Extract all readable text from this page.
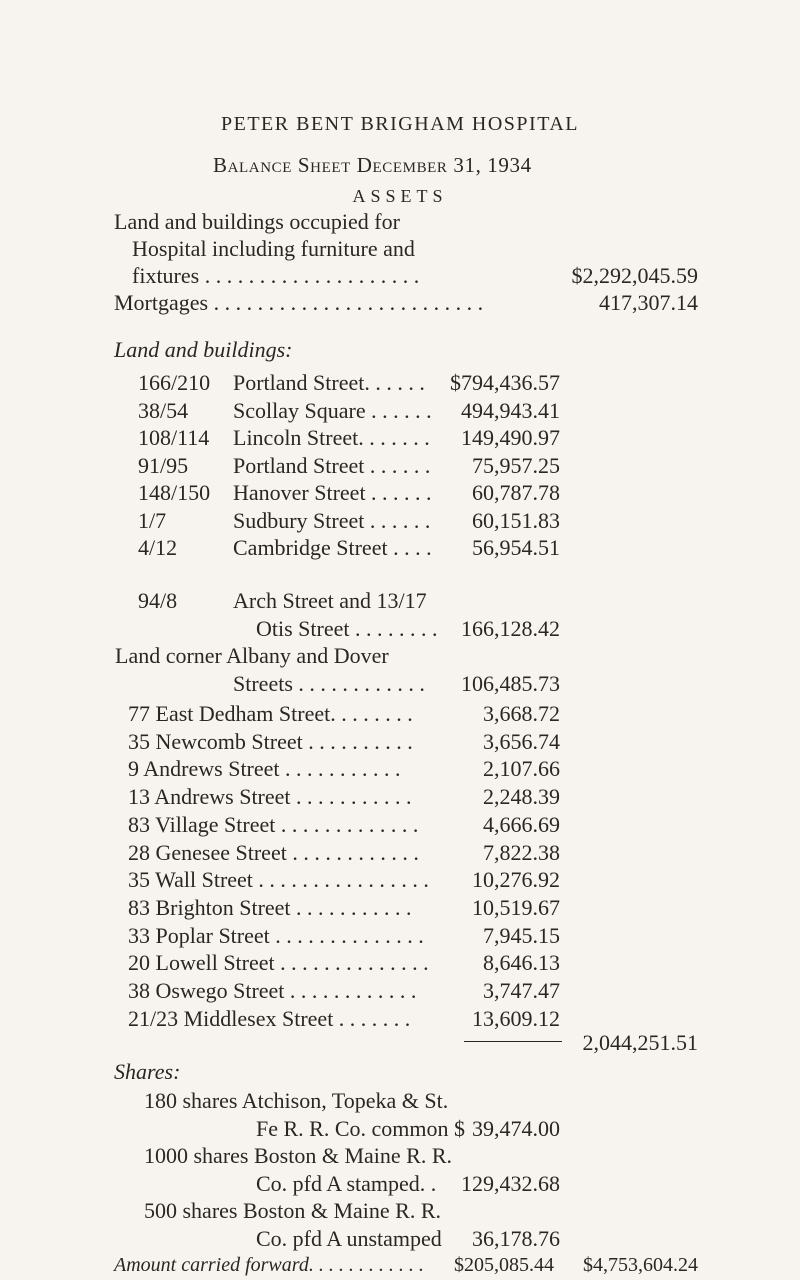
PETER BENT BRIGHAM HOSPITAL
Balance Sheet December 31, 1934
ASSETS
Land and buildings occupied for
Hospital including furniture and
fixtures . . . . . . . . . . . . . . . . . . . .	$2,292,045.59
Mortgages . . . . . . . . . . . . . . . . . . . . . . . . .	417,307.14
Land and buildings:
166/210 Portland Street. . . . . . $794,436.57
38/54 Scollay Square . . . . . . 494,943.41
108/114 Lincoln Street. . . . . . . 149,490.97
91/95 Portland Street . . . . . . 75,957.25
148/150 Hanover Street . . . . . . 60,787.78
1/7	Sudbury Street . . . . . . 60,151.83
4/12	Cambridge Street . . . . 56,954.51
94/8	Arch Street and 13/17
Otis Street . . . . . . . . 166,128.42
Land corner Albany and Dover
Streets . . . . . . . . . . . . 106,485.73
77 East Dedham Street. . . . . . . .	3,668.72
35 Newcomb Street . . . . . . . . . .	3,656.74
9 Andrews Street . . . . . . . . . . .	2,107.66
13 Andrews Street . . . . . . . . . . .	2,248.39
83 Village Street . . . . . . . . . . . . .	4,666.69
28 Genesee Street . . . . . . . . . . . .	7,822.38
35 Wall Street . . . . . . . . . . . . . . . . 10,276.92
83 Brighton Street . . . . . . . . . . .	10,519.67
33 Poplar Street . . . . . . . . . . . . . .	7,945.15
20 Lowell Street . . . . . . . . . . . . . . 8,646.13
38 Oswego Street . . . . . . . . . . . .	3,747.47
21/23 Middlesex Street . . . . . . .	13,609.12
2,044,251.51
Shares:
180 shares Atchison, Topeka & St.
Fe R. R. Co. common $ 39,474.00
1000 shares Boston & Maine R. R.
Co. pfd A stamped. . 129,432.68
500 shares Boston & Maine R. R.
Co. pfd A unstamped 36,178.76
Amount carried forward. . . . . . . . . . . . $205,085.44 $4,753,604.24
